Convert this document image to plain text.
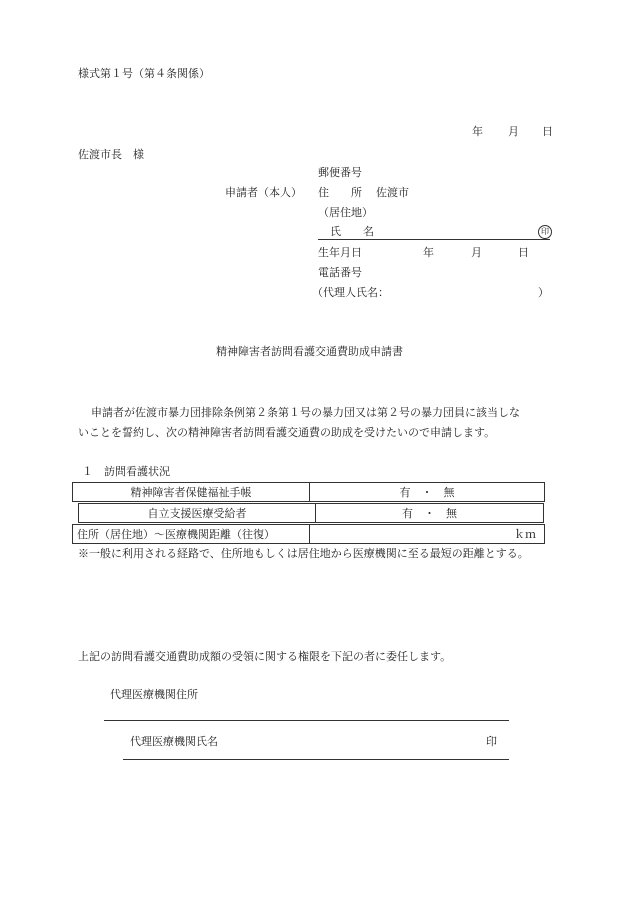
様式第１号（第４条関係）
年 月 日
佐渡市長　様
郵便番号
申請者（本人） 住　　所 佐渡市
（居住地）
氏　　名	印
生年月日	年	月	日
電話番号
（代理人氏名：	）
精神障害者訪問看護交通費助成申請書
申請者が佐渡市暴力団排除条例第２条第１号の暴力団又は第２号の暴力団員に該当しな
いことを誓約し、次の精神障害者訪問看護交通費の助成を受けたいので申請します。
１　訪問看護状況
精神障害者保健福祉手帳	有　・　無
自立支援医療受給者	有　・　無
住所（居住地）～医療機関距離（往復）	ｋｍ
※一般に利用される経路で、住所地もしくは居住地から医療機関に至る最短の距離とする。
上記の訪問看護交通費助成額の受領に関する権限を下記の者に委任します。
代理医療機関住所
代理医療機関氏名	印
